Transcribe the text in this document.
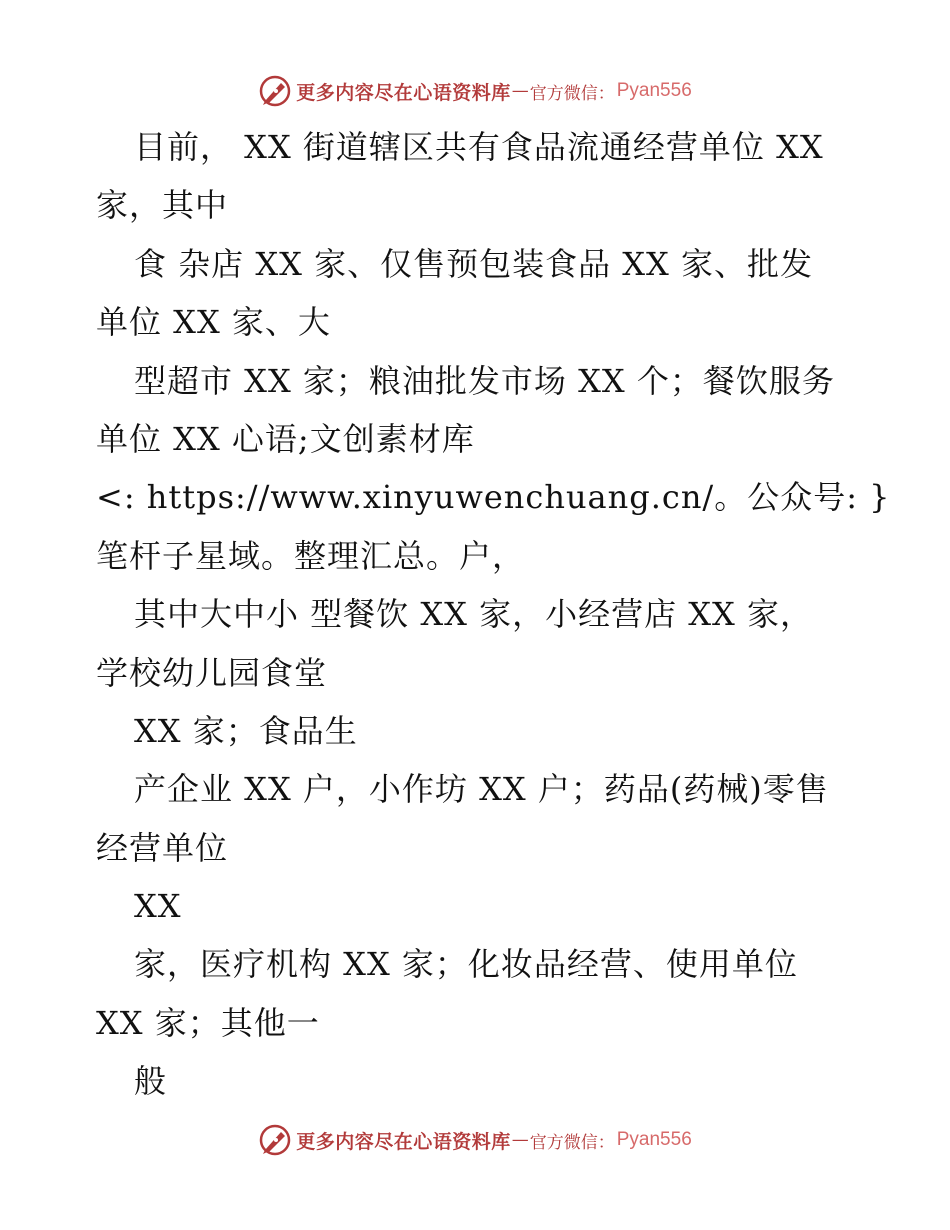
更多内容尽在心语资料库 — 官方微信： Pyan556
目前， XX 街道辖区共有食品流通经营单位 XX
家，其中
食 杂店 XX 家、仅售预包装食品 XX 家、批发
单位 XX 家、大
型超市 XX 家；粮油批发市场 XX 个；餐饮服务
单位 XX 心语;文创素材库
<: https://www.xinyuwenchuang.cn/。公众号: }
笔杆子星域。整理汇总。户，
其中大中小 型餐饮 XX 家，小经营店 XX 家，
学校幼儿园食堂
XX 家；食品生
产企业 XX 户，小作坊 XX 户；药品(药械)零售
经营单位
XX
家，医疗机构 XX 家；化妆品经营、使用单位
XX 家；其他一
般
更多内容尽在心语资料库 — 官方微信： Pyan556
